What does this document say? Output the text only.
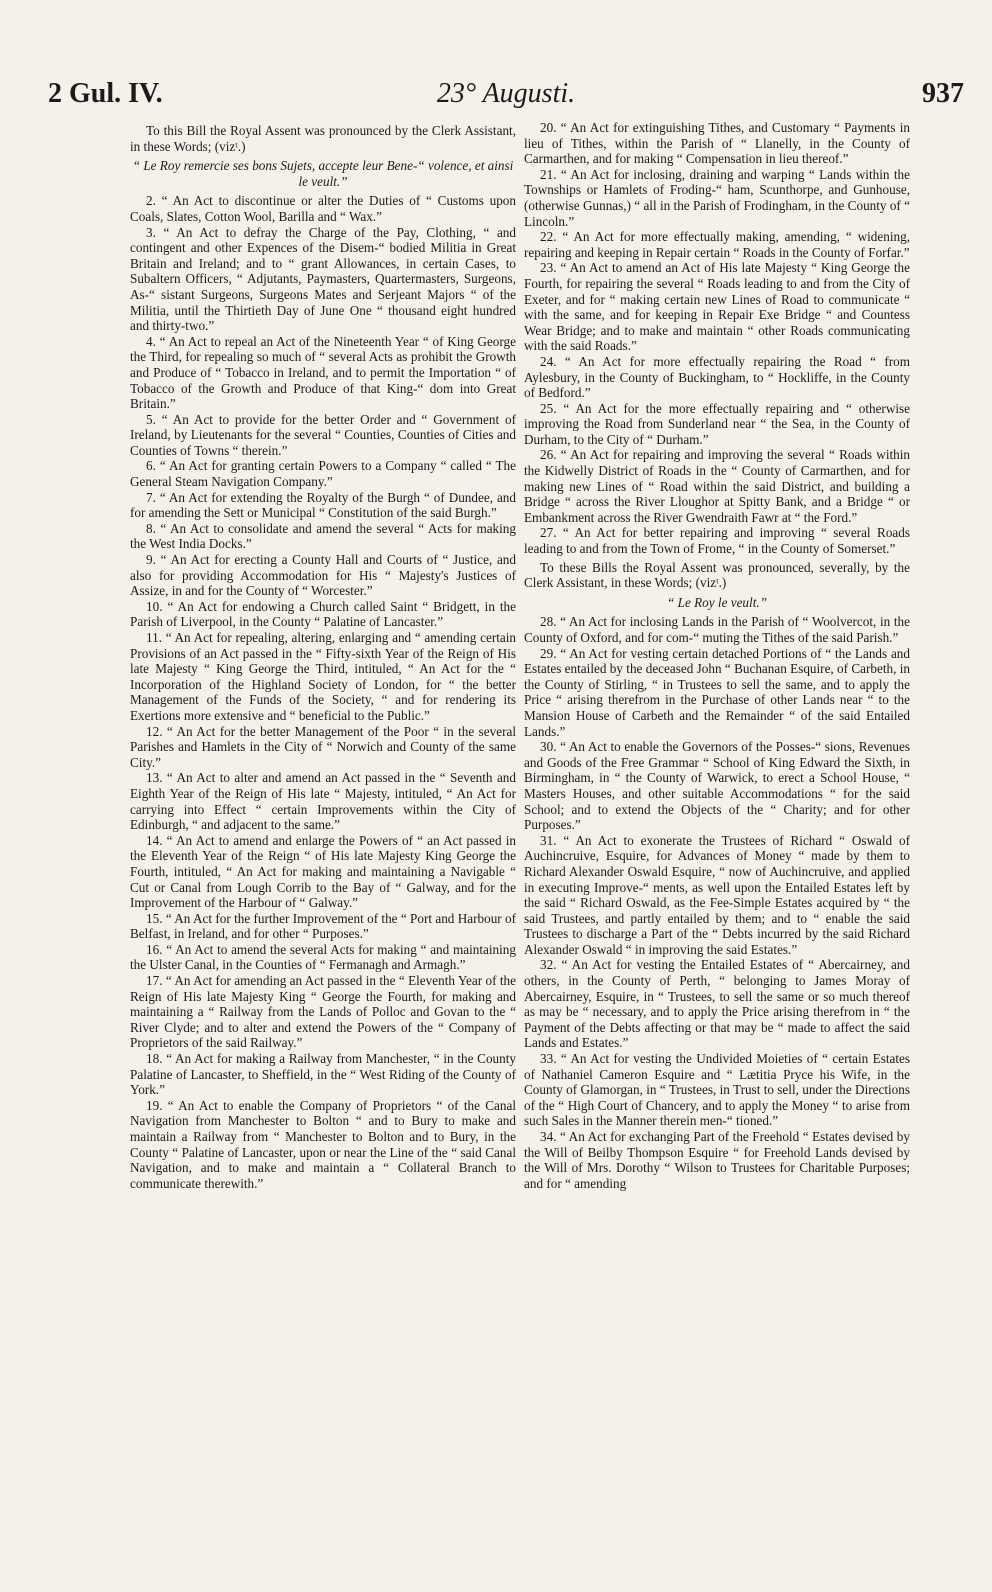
2 Gul. IV.	23° Augusti.	937

To this Bill the Royal Assent was pronounced by the Clerk Assistant, in these Words; (vizᵗ.)

“ Le Roy remercie ses bons Sujets, accepte leur Bene-“ volence, et ainsi le veult.”

2. “ An Act to discontinue or alter the Duties of “ Customs upon Coals, Slates, Cotton Wool, Barilla and “ Wax.”

3. “ An Act to defray the Charge of the Pay, Clothing, “ and contingent and other Expences of the Disem-“ bodied Militia in Great Britain and Ireland; and to “ grant Allowances, in certain Cases, to Subaltern Officers, “ Adjutants, Paymasters, Quartermasters, Surgeons, As-“ sistant Surgeons, Surgeons Mates and Serjeant Majors “ of the Militia, until the Thirtieth Day of June One “ thousand eight hundred and thirty-two.”

4. “ An Act to repeal an Act of the Nineteenth Year “ of King George the Third, for repealing so much of “ several Acts as prohibit the Growth and Produce of “ Tobacco in Ireland, and to permit the Importation “ of Tobacco of the Growth and Produce of that King-“ dom into Great Britain.”

5. “ An Act to provide for the better Order and “ Government of Ireland, by Lieutenants for the several “ Counties, Counties of Cities and Counties of Towns “ therein.”

6. “ An Act for granting certain Powers to a Company “ called “ The General Steam Navigation Company.”

7. “ An Act for extending the Royalty of the Burgh “ of Dundee, and for amending the Sett or Municipal “ Constitution of the said Burgh.”

8. “ An Act to consolidate and amend the several “ Acts for making the West India Docks.”

9. “ An Act for erecting a County Hall and Courts of “ Justice, and also for providing Accommodation for His “ Majesty's Justices of Assize, in and for the County of “ Worcester.”

10. “ An Act for endowing a Church called Saint “ Bridgett, in the Parish of Liverpool, in the County “ Palatine of Lancaster.”

11. “ An Act for repealing, altering, enlarging and “ amending certain Provisions of an Act passed in the “ Fifty-sixth Year of the Reign of His late Majesty “ King George the Third, intituled, “ An Act for the “ Incorporation of the Highland Society of London, for “ the better Management of the Funds of the Society, “ and for rendering its Exertions more extensive and “ beneficial to the Public.”

12. “ An Act for the better Management of the Poor “ in the several Parishes and Hamlets in the City of “ Norwich and County of the same City.”

13. “ An Act to alter and amend an Act passed in the “ Seventh and Eighth Year of the Reign of His late “ Majesty, intituled, “ An Act for carrying into Effect “ certain Improvements within the City of Edinburgh, “ and adjacent to the same.”

14. “ An Act to amend and enlarge the Powers of “ an Act passed in the Eleventh Year of the Reign “ of His late Majesty King George the Fourth, intituled, “ An Act for making and maintaining a Navigable “ Cut or Canal from Lough Corrib to the Bay of “ Galway, and for the Improvement of the Harbour of “ Galway.”

15. “ An Act for the further Improvement of the “ Port and Harbour of Belfast, in Ireland, and for other “ Purposes.”

16. “ An Act to amend the several Acts for making “ and maintaining the Ulster Canal, in the Counties of “ Fermanagh and Armagh.”

17. “ An Act for amending an Act passed in the “ Eleventh Year of the Reign of His late Majesty King “ George the Fourth, for making and maintaining a “ Railway from the Lands of Polloc and Govan to the “ River Clyde; and to alter and extend the Powers of the “ Company of Proprietors of the said Railway.”

18. “ An Act for making a Railway from Manchester, “ in the County Palatine of Lancaster, to Sheffield, in the “ West Riding of the County of York.”

19. “ An Act to enable the Company of Proprietors “ of the Canal Navigation from Manchester to Bolton “ and to Bury to make and maintain a Railway from “ Manchester to Bolton and to Bury, in the County “ Palatine of Lancaster, upon or near the Line of the “ said Canal Navigation, and to make and maintain a “ Collateral Branch to communicate therewith.”

20. “ An Act for extinguishing Tithes, and Customary “ Payments in lieu of Tithes, within the Parish of “ Llanelly, in the County of Carmarthen, and for making “ Compensation in lieu thereof.”

21. “ An Act for inclosing, draining and warping “ Lands within the Townships or Hamlets of Froding-“ ham, Scunthorpe, and Gunhouse, (otherwise Gunnas,) “ all in the Parish of Frodingham, in the County of “ Lincoln.”

22. “ An Act for more effectually making, amending, “ widening, repairing and keeping in Repair certain “ Roads in the County of Forfar.”

23. “ An Act to amend an Act of His late Majesty “ King George the Fourth, for repairing the several “ Roads leading to and from the City of Exeter, and for “ making certain new Lines of Road to communicate “ with the same, and for keeping in Repair Exe Bridge “ and Countess Wear Bridge; and to make and maintain “ other Roads communicating with the said Roads.”

24. “ An Act for more effectually repairing the Road “ from Aylesbury, in the County of Buckingham, to “ Hockliffe, in the County of Bedford.”

25. “ An Act for the more effectually repairing and “ otherwise improving the Road from Sunderland near “ the Sea, in the County of Durham, to the City of “ Durham.”

26. “ An Act for repairing and improving the several “ Roads within the Kidwelly District of Roads in the “ County of Carmarthen, and for making new Lines of “ Road within the said District, and building a Bridge “ across the River Lloughor at Spitty Bank, and a Bridge “ or Embankment across the River Gwendraith Fawr at “ the Ford.”

27. “ An Act for better repairing and improving “ several Roads leading to and from the Town of Frome, “ in the County of Somerset.”

To these Bills the Royal Assent was pronounced, severally, by the Clerk Assistant, in these Words; (vizᵗ.)

“ Le Roy le veult.”

28. “ An Act for inclosing Lands in the Parish of “ Woolvercot, in the County of Oxford, and for com-“ muting the Tithes of the said Parish.”

29. “ An Act for vesting certain detached Portions of “ the Lands and Estates entailed by the deceased John “ Buchanan Esquire, of Carbeth, in the County of Stirling, “ in Trustees to sell the same, and to apply the Price “ arising therefrom in the Purchase of other Lands near “ to the Mansion House of Carbeth and the Remainder “ of the said Entailed Lands.”

30. “ An Act to enable the Governors of the Posses-“ sions, Revenues and Goods of the Free Grammar “ School of King Edward the Sixth, in Birmingham, in “ the County of Warwick, to erect a School House, “ Masters Houses, and other suitable Accommodations “ for the said School; and to extend the Objects of the “ Charity; and for other Purposes.”

31. “ An Act to exonerate the Trustees of Richard “ Oswald of Auchincruive, Esquire, for Advances of Money “ made by them to Richard Alexander Oswald Esquire, “ now of Auchincruive, and applied in executing Improve-“ ments, as well upon the Entailed Estates left by the said “ Richard Oswald, as the Fee-Simple Estates acquired by “ the said Trustees, and partly entailed by them; and to “ enable the said Trustees to discharge a Part of the “ Debts incurred by the said Richard Alexander Oswald “ in improving the said Estates.”

32. “ An Act for vesting the Entailed Estates of “ Abercairney, and others, in the County of Perth, “ belonging to James Moray of Abercairney, Esquire, in “ Trustees, to sell the same or so much thereof as may be “ necessary, and to apply the Price arising therefrom in “ the Payment of the Debts affecting or that may be “ made to affect the said Lands and Estates.”

33. “ An Act for vesting the Undivided Moieties of “ certain Estates of Nathaniel Cameron Esquire and “ Lætitia Pryce his Wife, in the County of Glamorgan, in “ Trustees, in Trust to sell, under the Directions of the “ High Court of Chancery, and to apply the Money “ to arise from such Sales in the Manner therein men-“ tioned.”

34. “ An Act for exchanging Part of the Freehold “ Estates devised by the Will of Beilby Thompson Esquire “ for Freehold Lands devised by the Will of Mrs. Dorothy “ Wilson to Trustees for Charitable Purposes; and for “ amending
